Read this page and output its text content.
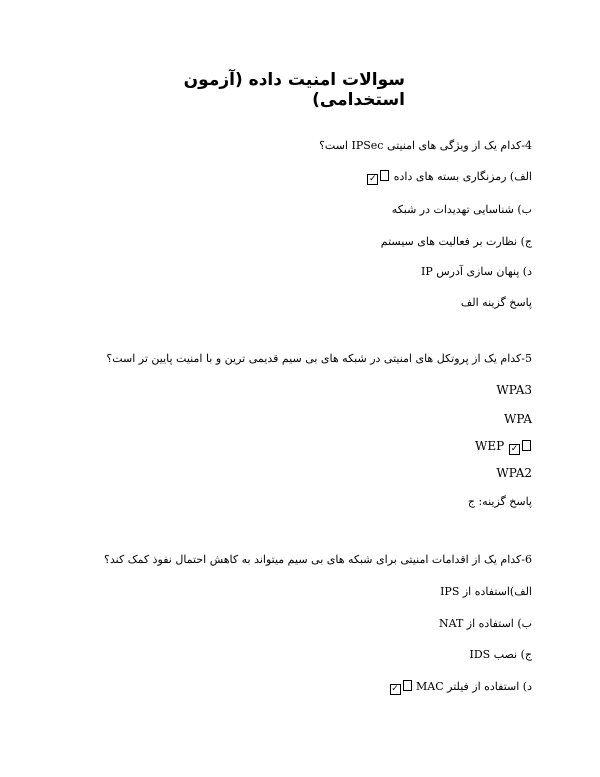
سوالات امنیت داده (آزمون استخدامی)
4-کدام یک از ویژگی های امنیتی IPSec است؟
الف) رمزنگاری بسته های داده ✓
ب) شناسایی تهدیدات در شبکه
ج) نظارت بر فعالیت های سیستم
د) پنهان سازی آدرس IP
پاسخ گزینه الف
5-کدام یک از پروتکل های امنیتی در شبکه های بی سیم قدیمی ترین و با امنیت پایین تر است؟
WPA3
WPA
WEP ✓
WPA2
پاسخ گزینه: ج
6-کدام یک از اقدامات امنیتی برای شبکه های بی سیم میتواند به کاهش احتمال نفوذ کمک کند؟
الف)استفاده از IPS
ب) استفاده از NAT
ج) نصب IDS
د) استفاده از فیلتر MAC ✓
